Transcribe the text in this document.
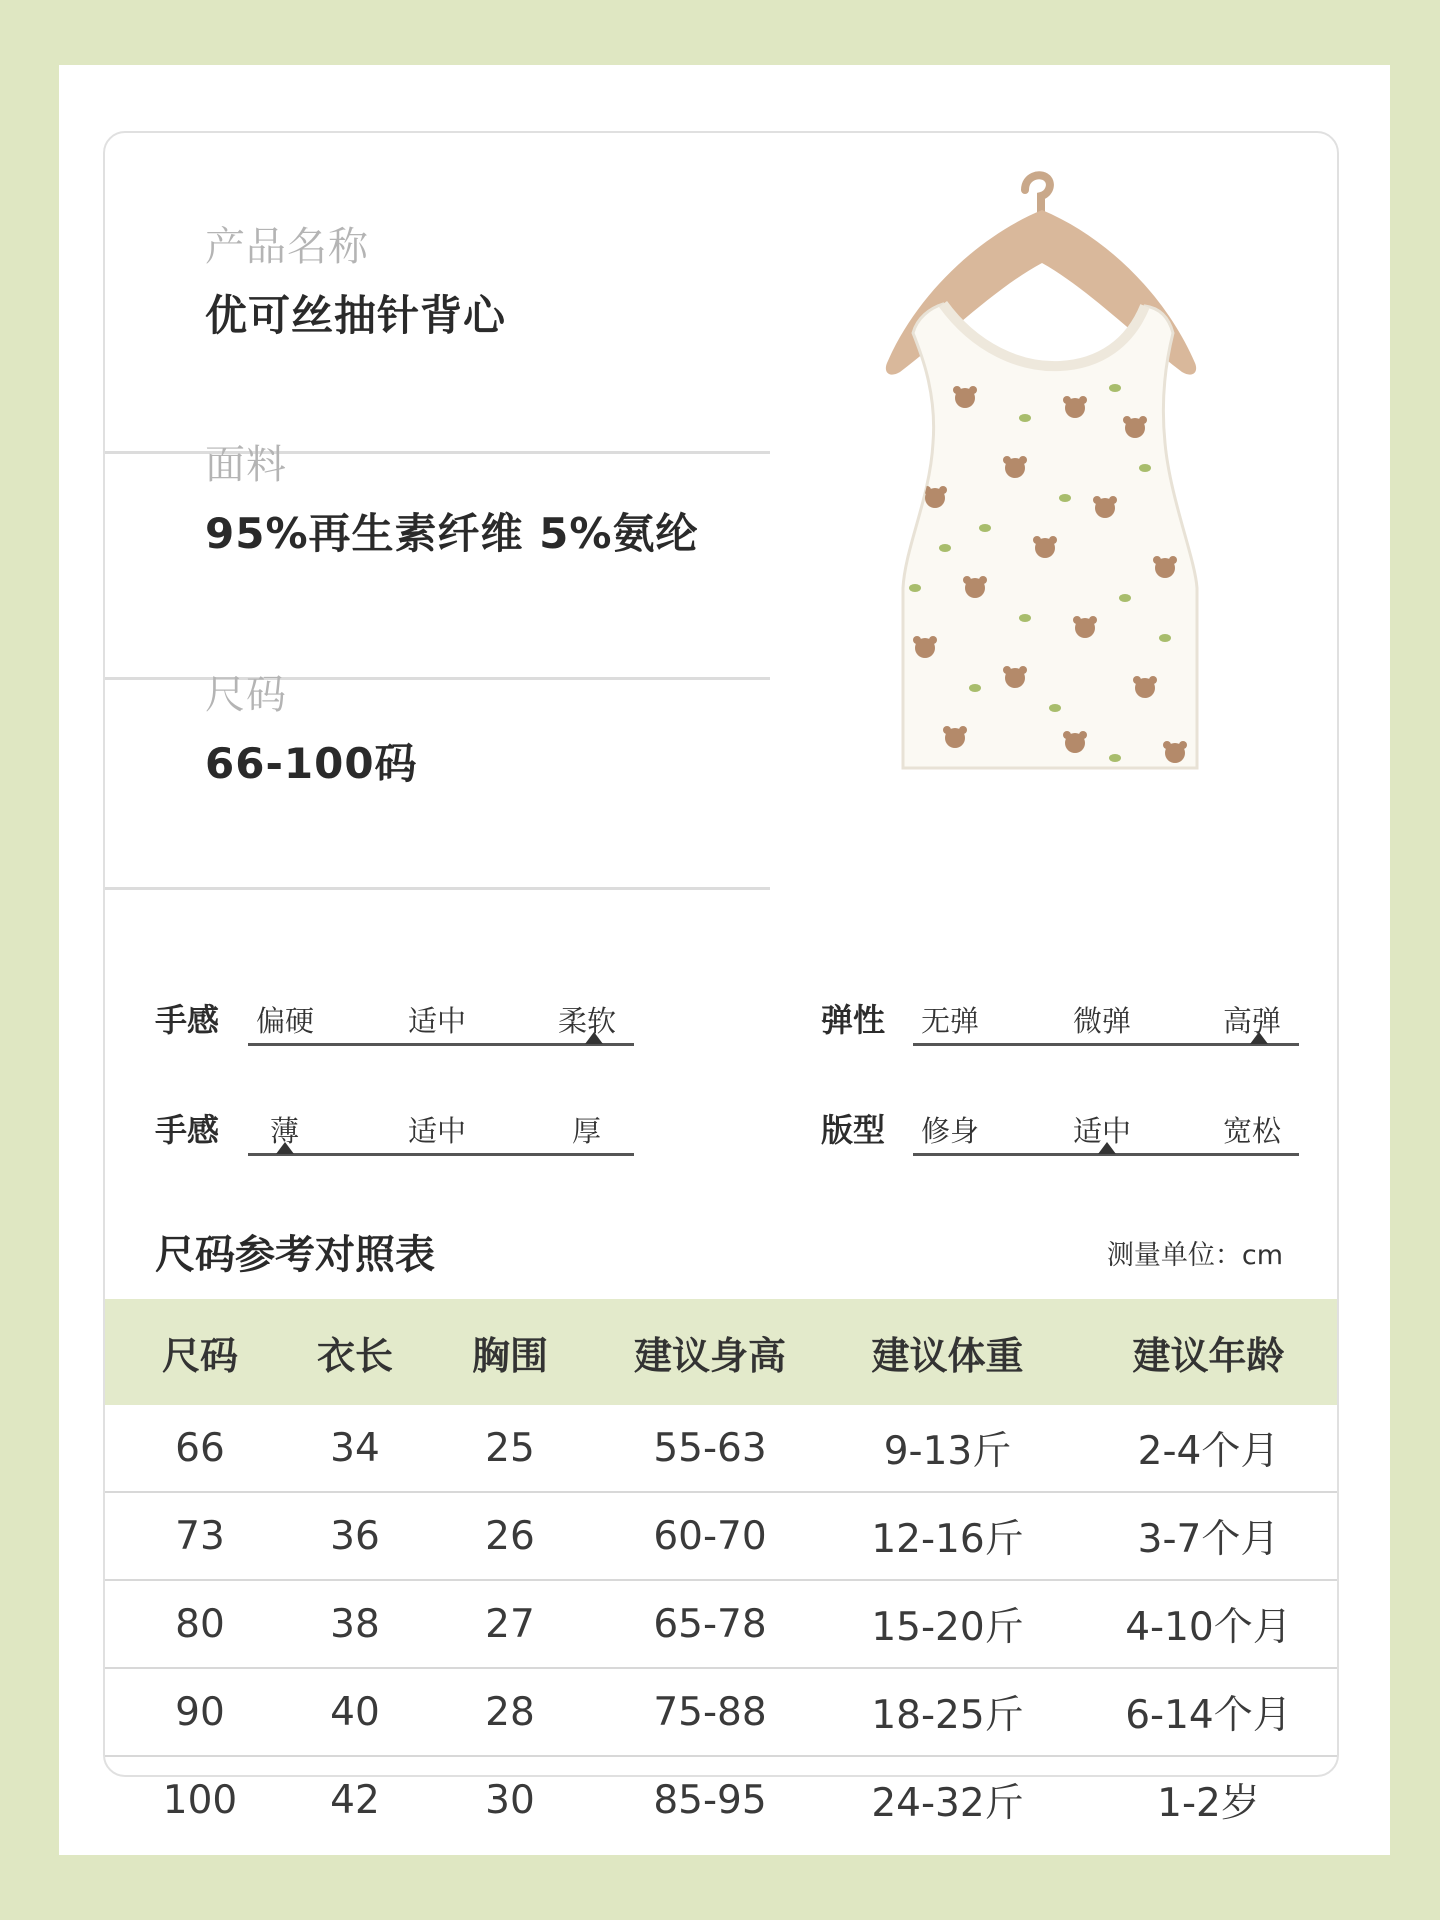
产品名称
优可丝抽针背心
面料
95%再生素纤维 5%氨纶
尺码
66-100码
手感 偏硬	适中	柔软	弹性 无弹	微弹	高弹
手感 薄	适中	厚	版型 修身	适中	宽松
尺码参考对照表	测量单位：cm
尺码	衣长	胸围	建议身高	建议体重	建议年龄
66	34	25	55-63	9-13斤	2-4个月
73	36	26	60-70	12-16斤	3-7个月
80	38	27	65-78	15-20斤	4-10个月
90	40	28	75-88	18-25斤	6-14个月
100	42	30	85-95	24-32斤	1-2岁
